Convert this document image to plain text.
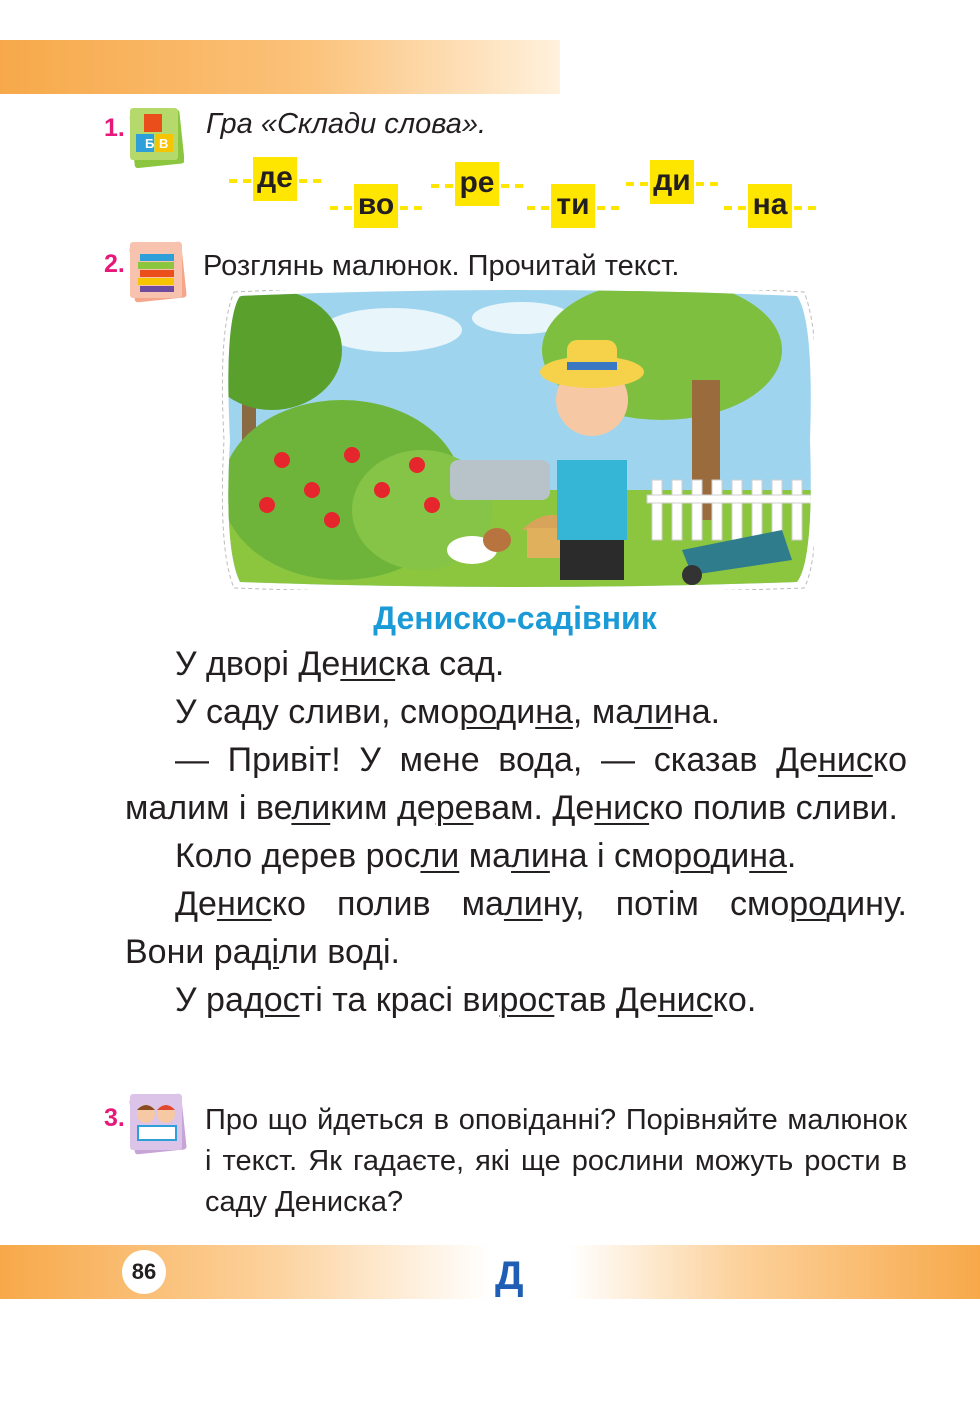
1.
Б В
Гра «Склади слова».
де
во
ре
ти
ди
на
2.	Розглянь малюнок. Прочитай текст.
Дениско-садівник

У дворі Дениска сад.

У саду сливи, смородина, малина.

— Привіт! У мене вода, — сказав Дениско малим і великим деревам. Дениско полив сливи.

Коло дерев росли малина і смородина.

Дениско полив малину, потім смородину. Вони раділи воді.

У радості та красі виростав Дениско.

3.	Про що йдеться в оповіданні? Порівняйте малюнок і текст. Як гадаєте, які ще рослини можуть рости в саду Дениска?
86	Д
